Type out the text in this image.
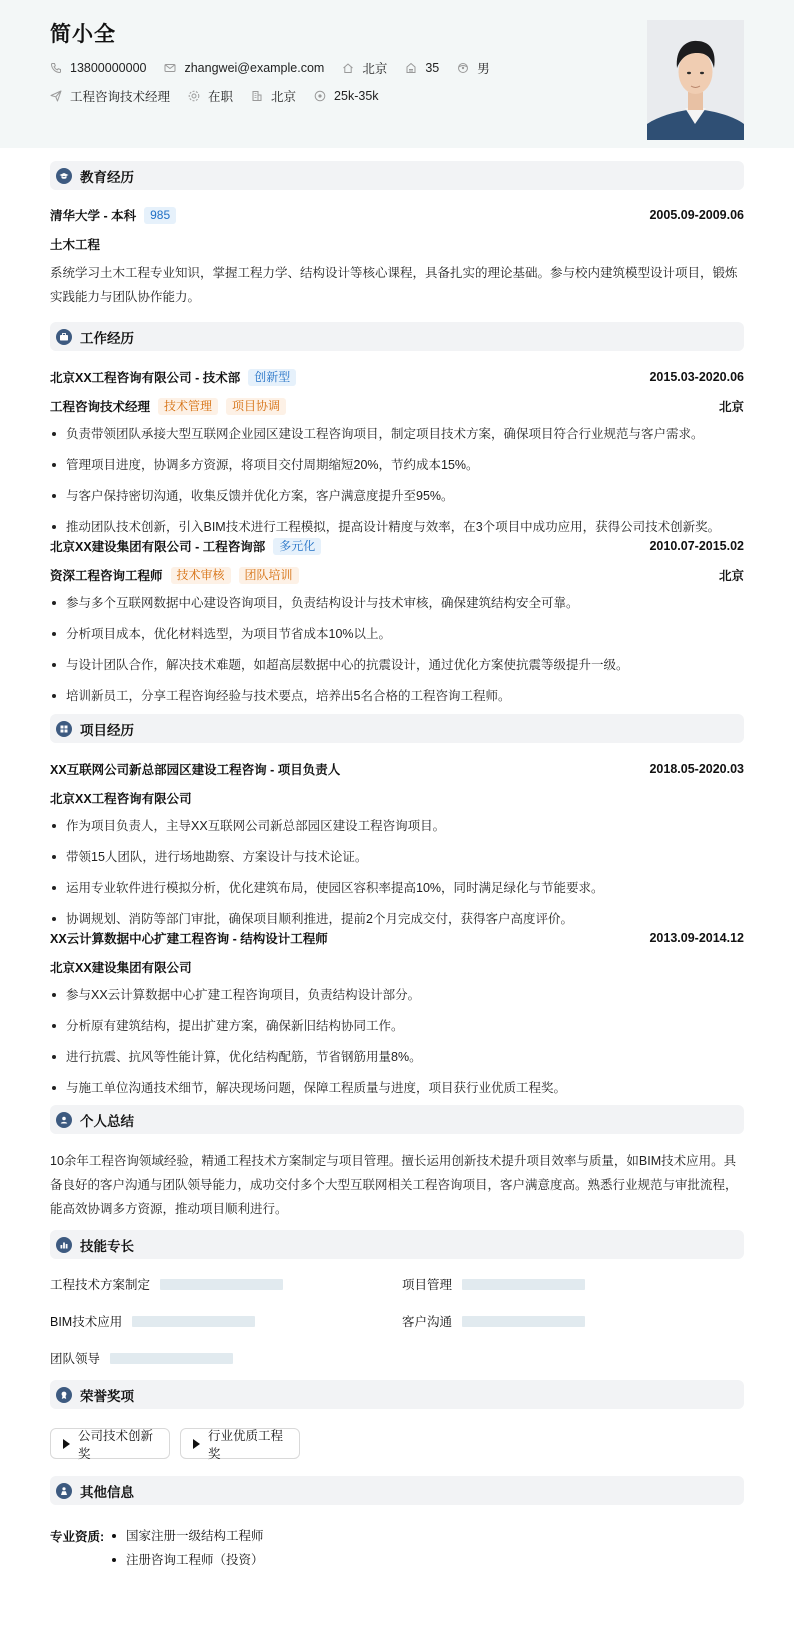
简小全
13800000000	zhangwei@example.com	北京	35	男
工程咨询技术经理	在职	北京	25k-35k
教育经历
清华大学 - 本科	985	2005.09-2009.06
土木工程
系统学习土木工程专业知识，掌握工程力学、结构设计等核心课程，具备扎实的理论基础。参与校内建筑模型设计项目，锻炼实践能力与团队协作能力。
工作经历
北京XX工程咨询有限公司 - 技术部	创新型	2015.03-2020.06
工程咨询技术经理	技术管理	项目协调	北京
负责带领团队承接大型互联网企业园区建设工程咨询项目，制定项目技术方案，确保项目符合行业规范与客户需求。
管理项目进度，协调多方资源，将项目交付周期缩短20%，节约成本15%。
与客户保持密切沟通，收集反馈并优化方案，客户满意度提升至95%。
推动团队技术创新，引入BIM技术进行工程模拟，提高设计精度与效率，在3个项目中成功应用，获得公司技术创新奖。
北京XX建设集团有限公司 - 工程咨询部	多元化	2010.07-2015.02
资深工程咨询工程师	技术审核	团队培训	北京
参与多个互联网数据中心建设咨询项目，负责结构设计与技术审核，确保建筑结构安全可靠。
分析项目成本，优化材料选型，为项目节省成本10%以上。
与设计团队合作，解决技术难题，如超高层数据中心的抗震设计，通过优化方案使抗震等级提升一级。
培训新员工，分享工程咨询经验与技术要点，培养出5名合格的工程咨询工程师。
项目经历
XX互联网公司新总部园区建设工程咨询 - 项目负责人	2018.05-2020.03
北京XX工程咨询有限公司
作为项目负责人，主导XX互联网公司新总部园区建设工程咨询项目。
带领15人团队，进行场地勘察、方案设计与技术论证。
运用专业软件进行模拟分析，优化建筑布局，使园区容积率提高10%，同时满足绿化与节能要求。
协调规划、消防等部门审批，确保项目顺利推进，提前2个月完成交付，获得客户高度评价。
XX云计算数据中心扩建工程咨询 - 结构设计工程师	2013.09-2014.12
北京XX建设集团有限公司
参与XX云计算数据中心扩建工程咨询项目，负责结构设计部分。
分析原有建筑结构，提出扩建方案，确保新旧结构协同工作。
进行抗震、抗风等性能计算，优化结构配筋，节省钢筋用量8%。
与施工单位沟通技术细节，解决现场问题，保障工程质量与进度，项目获行业优质工程奖。
个人总结
10余年工程咨询领域经验，精通工程技术方案制定与项目管理。擅长运用创新技术提升项目效率与质量，如BIM技术应用。具备良好的客户沟通与团队领导能力，成功交付多个大型互联网相关工程咨询项目，客户满意度高。熟悉行业规范与审批流程，能高效协调多方资源，推动项目顺利进行。
技能专长
工程技术方案制定	项目管理
BIM技术应用	客户沟通
团队领导
荣誉奖项
公司技术创新奖
行业优质工程奖
其他信息
专业资质:	国家注册一级结构工程师
注册咨询工程师（投资）
